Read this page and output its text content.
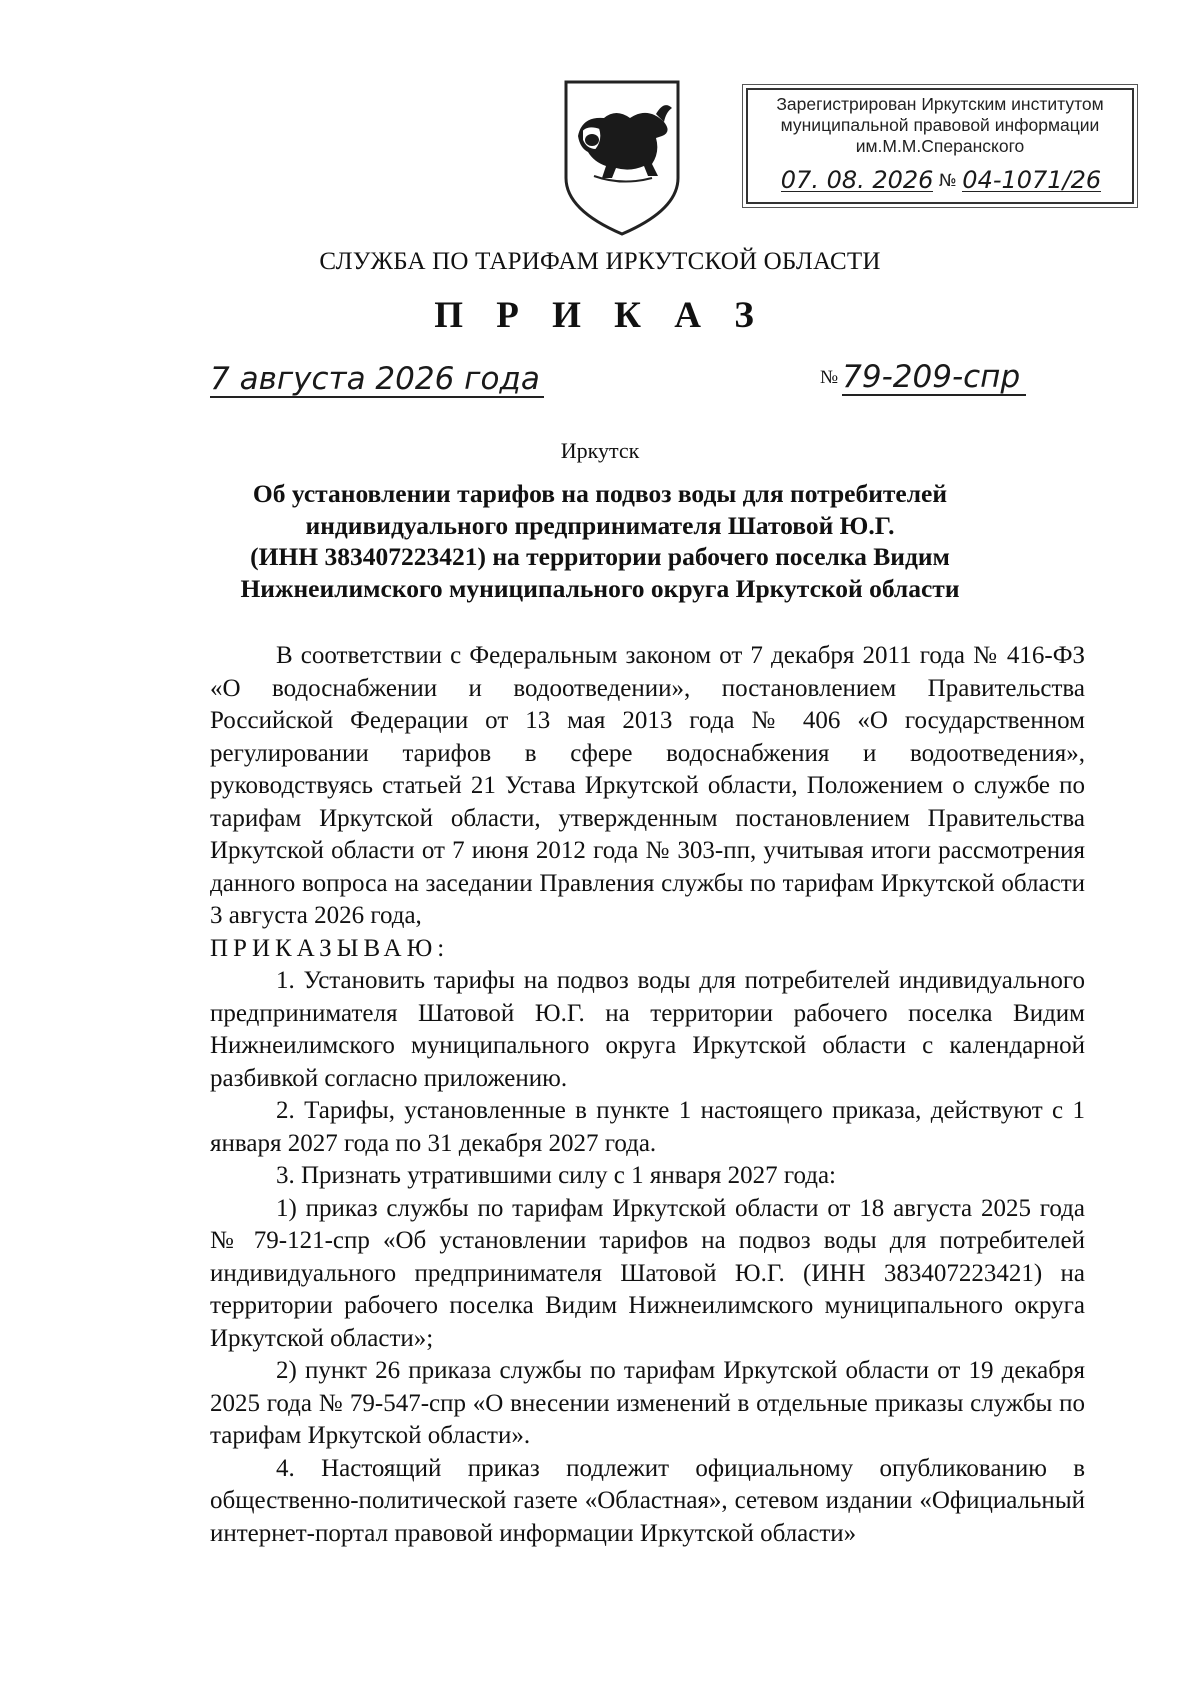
Зарегистрирован Иркутским институтом
муниципальной правовой информации
им.М.М.Сперанского
07. 08. 2026 № 04-1071/26
СЛУЖБА ПО ТАРИФАМ ИРКУТСКОЙ ОБЛАСТИ
П Р И К А З
7 августа 2026 года	№ 79-209-спр
Иркутск
Об установлении тарифов на подвоз воды для потребителей
индивидуального предпринимателя Шатовой Ю.Г.
(ИНН 383407223421) на территории рабочего поселка Видим
Нижнеилимского муниципального округа Иркутской области

В соответствии с Федеральным законом от 7 декабря 2011 года № 416-ФЗ «О водоснабжении и водоотведении», постановлением Правительства Российской Федерации от 13 мая 2013 года № 406 «О государственном регулировании тарифов в сфере водоснабжения и водоотведения», руководствуясь статьей 21 Устава Иркутской области, Положением о службе по тарифам Иркутской области, утвержденным постановлением Правительства Иркутской области от 7 июня 2012 года № 303-пп, учитывая итоги рассмотрения данного вопроса на заседании Правления службы по тарифам Иркутской области 3 августа 2026 года,

ПРИКАЗЫВАЮ:

1. Установить тарифы на подвоз воды для потребителей индивидуального предпринимателя Шатовой Ю.Г. на территории рабочего поселка Видим Нижнеилимского муниципального округа Иркутской области с календарной разбивкой согласно приложению.

2. Тарифы, установленные в пункте 1 настоящего приказа, действуют с 1 января 2027 года по 31 декабря 2027 года.

3. Признать утратившими силу с 1 января 2027 года:

1) приказ службы по тарифам Иркутской области от 18 августа 2025 года № 79-121-спр «Об установлении тарифов на подвоз воды для потребителей индивидуального предпринимателя Шатовой Ю.Г. (ИНН 383407223421) на территории рабочего поселка Видим Нижнеилимского муниципального округа Иркутской области»;

2) пункт 26 приказа службы по тарифам Иркутской области от 19 декабря 2025 года № 79-547-спр «О внесении изменений в отдельные приказы службы по тарифам Иркутской области».

4. Настоящий приказ подлежит официальному опубликованию в общественно-политической газете «Областная», сетевом издании «Официальный интернет-портал правовой информации Иркутской области»
